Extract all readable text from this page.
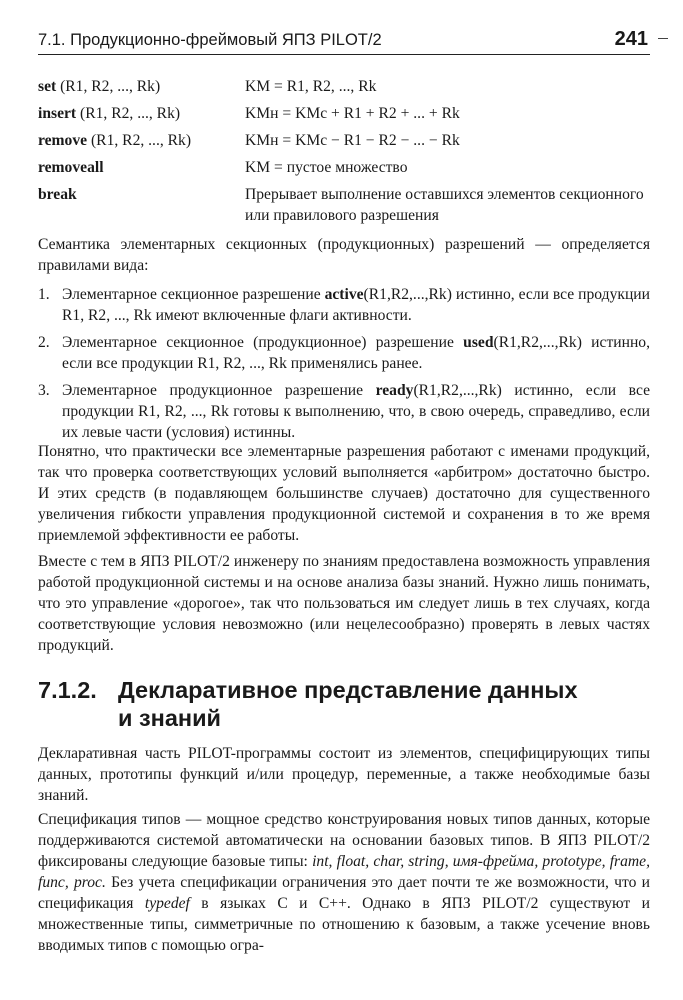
7.1. Продукционно-фреймовый ЯПЗ PILOT/2	241
set (R1, R2, ..., Rk)	KM = R1, R2, ..., Rk
insert (R1, R2, ..., Rk)	KMн = KMc + R1 + R2 + ... + Rk
remove (R1, R2, ..., Rk)	KMн = KMc − R1 − R2 − ... − Rk
removeall	KM = пустое множество
break	Прерывает выполнение оставшихся элементов секционного или правилового разрешения

Семантика элементарных секционных (продукционных) разрешений — определяется правилами вида:

1. Элементарное секционное разрешение active(R1,R2,...,Rk) истинно, если все продукции R1, R2, ..., Rk имеют включенные флаги активности.
2. Элементарное секционное (продукционное) разрешение used(R1,R2,...,Rk) истинно, если все продукции R1, R2, ..., Rk применялись ранее.
3. Элементарное продукционное разрешение ready(R1,R2,...,Rk) истинно, если все продукции R1, R2, ..., Rk готовы к выполнению, что, в свою очередь, справедливо, если их левые части (условия) истинны.

Понятно, что практически все элементарные разрешения работают с именами продукций, так что проверка соответствующих условий выполняется «арбитром» достаточно быстро. И этих средств (в подавляющем большинстве случаев) достаточно для существенного увеличения гибкости управления продукционной системой и сохранения в то же время приемлемой эффективности ее работы.

Вместе с тем в ЯПЗ PILOT/2 инженеру по знаниям предоставлена возможность управления работой продукционной системы и на основе анализа базы знаний. Нужно лишь понимать, что это управление «дорогое», так что пользоваться им следует лишь в тех случаях, когда соответствующие условия невозможно (или нецелесообразно) проверять в левых частях продукций.

7.1.2. Декларативное представление данных
и знаний

Декларативная часть PILOT-программы состоит из элементов, специфицирующих типы данных, прототипы функций и/или процедур, переменные, а также необходимые базы знаний.

Спецификация типов — мощное средство конструирования новых типов данных, которые поддерживаются системой автоматически на основании базовых типов. В ЯПЗ PILOT/2 фиксированы следующие базовые типы: int, float, char, string, имя-фрейма, prototype, frame, func, proc. Без учета спецификации ограничения это дает почти те же возможности, что и спецификация typedef в языках C и C++. Однако в ЯПЗ PILOT/2 существуют и множественные типы, симметричные по отношению к базовым, а также усечение вновь вводимых типов с помощью огра-
